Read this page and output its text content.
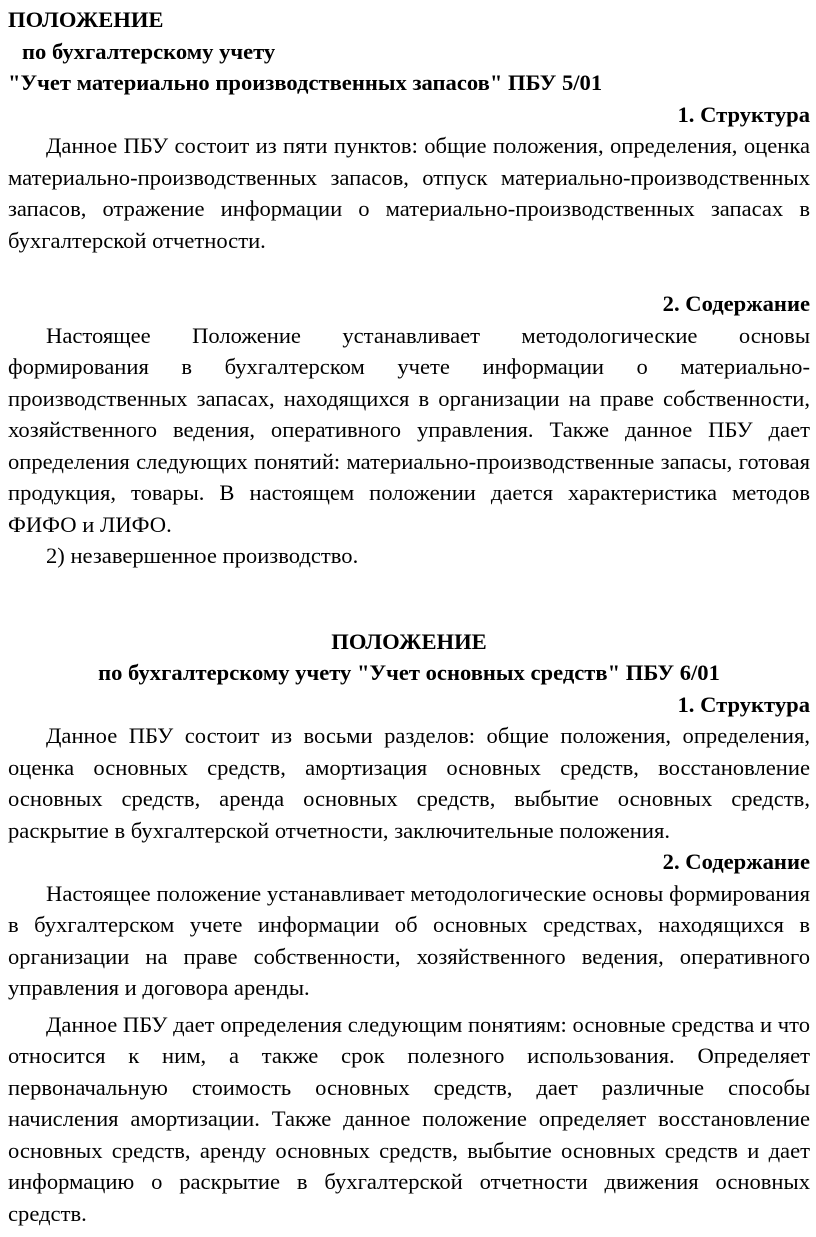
ПОЛОЖЕНИЕ
по бухгалтерскому учету
"Учет материально производственных запасов" ПБУ 5/01
1. Структура

Данное ПБУ состоит из пяти пунктов: общие положения, определения, оценка материально-производственных запасов, отпуск материально-производственных запасов, отражение информации о материально-производственных запасах в бухгалтерской отчетности.

2. Содержание

Настоящее Положение устанавливает методологические основы формирования в бухгалтерском учете информации о материально-производственных запасах, находящихся в организации на праве собственности, хозяйственного ведения, оперативного управления. Также данное ПБУ дает определения следующих понятий: материально-производственные запасы, готовая продукция, товары. В настоящем положении дается характеристика методов ФИФО и ЛИФО.

2) незавершенное производство.

ПОЛОЖЕНИЕ
по бухгалтерскому учету "Учет основных средств" ПБУ 6/01
1. Структура

Данное ПБУ состоит из восьми разделов: общие положения, определения, оценка основных средств, амортизация основных средств, восстановление основных средств, аренда основных средств, выбытие основных средств, раскрытие в бухгалтерской отчетности, заключительные положения.

2. Содержание

Настоящее положение устанавливает методологические основы формирования в бухгалтерском учете информации об основных средствах, находящихся в организации на праве собственности, хозяйственного ведения, оперативного управления и договора аренды.

Данное ПБУ дает определения следующим понятиям: основные средства и что относится к ним, а также срок полезного использования. Определяет первоначальную стоимость основных средств, дает различные способы начисления амортизации. Также данное положение определяет восстановление основных средств, аренду основных средств, выбытие основных средств и дает информацию о раскрытие в бухгалтерской отчетности движения основных средств.
